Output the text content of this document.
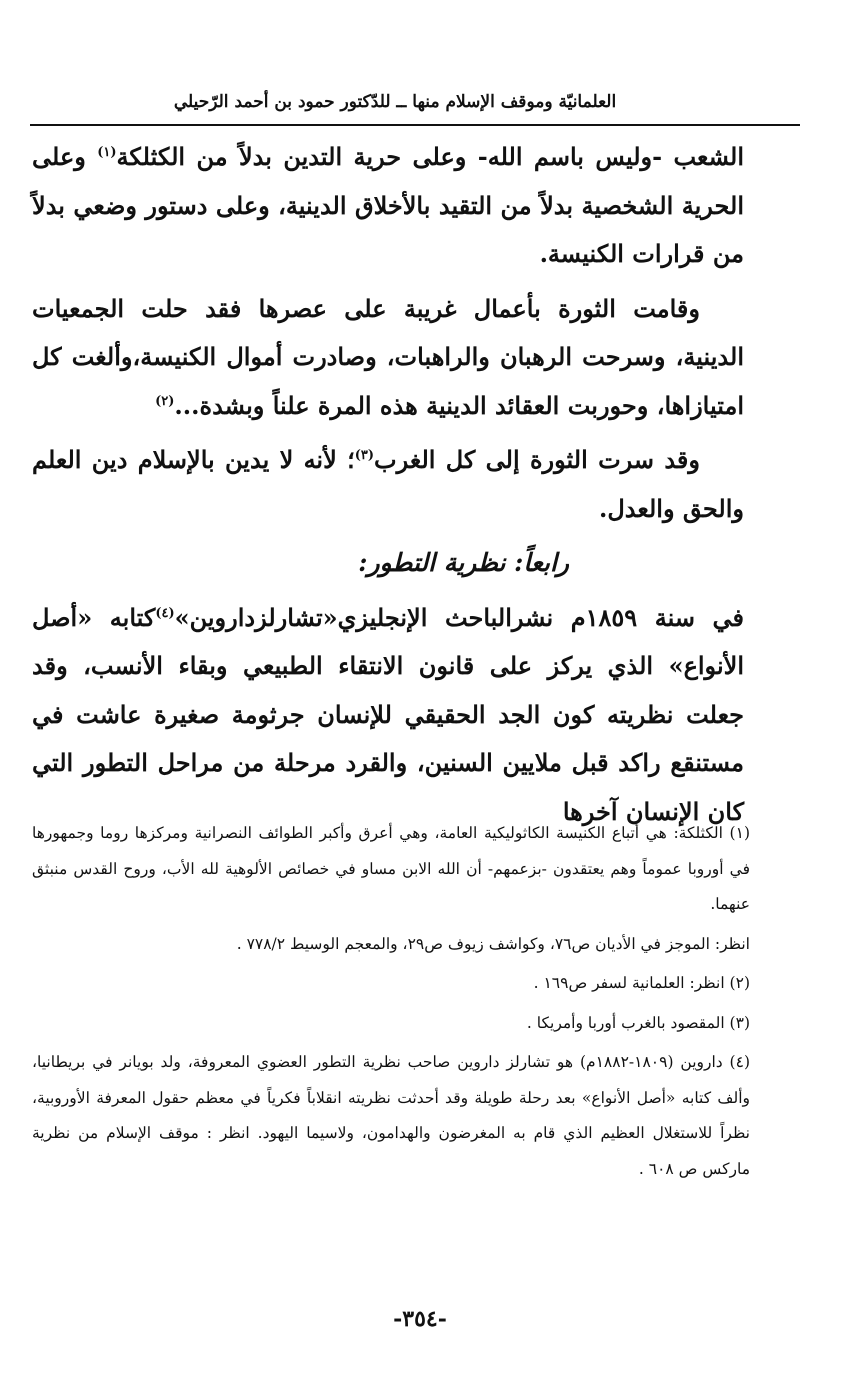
العلمانيّة وموقف الإسلام منها ــ للدّكتور حمود بن أحمد الرّحيلي

الشعب -وليس باسم الله- وعلى حرية التدين بدلاً من الكثلكة$^{(١)}$ وعلى الحرية الشخصية بدلاً من التقيد بالأخلاق الدينية، وعلى دستور وضعي بدلاً من قرارات الكنيسة.

وقامت الثورة بأعمال غريبة على عصرها فقد حلت الجمعيات الدينية، وسرحت الرهبان والراهبات، وصادرت أموال الكنيسة،وألغت كل امتيازاها، وحوربت العقائد الدينية هذه المرة علناً وبشدة...$^{(٢)}$

وقد سرت الثورة إلى كل الغرب$^{(٣)}$؛ لأنه لا يدين بالإسلام دين العلم والحق والعدل.

رابعاً: نظرية التطور:

في سنة ١٨٥٩م نشرالباحث الإنجليزي«تشارلزداروين»$^{(٤)}$كتابه «أصل الأنواع» الذي يركز على قانون الانتقاء الطبيعي وبقاء الأنسب، وقد جعلت نظريته كون الجد الحقيقي للإنسان جرثومة صغيرة عاشت في مستنقع راكد قبل ملايين السنين، والقرد مرحلة من مراحل التطور التي كان الإنسان آخرها

(١) الكثلكة: هي أتباع الكنيسة الكاثوليكية العامة، وهي أعرق وأكبر الطوائف النصرانية ومركزها روما وجمهورها في أوروبا عموماً وهم يعتقدون -بزعمهم- أن الله الابن مساو في خصائص الألوهية لله الأب، وروح القدس منبثق عنهما.

انظر: الموجز في الأديان ص٧٦، وكواشف زيوف ص٢٩، والمعجم الوسيط ٧٧٨/٢ .

(٢) انظر: العلمانية لسفر ص١٦٩ .

(٣) المقصود بالغرب أوربا وأمريكا .

(٤) داروين (١٨٠٩-١٨٨٢م) هو تشارلز داروين صاحب نظرية التطور العضوي المعروفة، ولد بويانر في بريطانيا، وألف كتابه «أصل الأنواع» بعد رحلة طويلة وقد أحدثت نظريته انقلاباً فكرياً في معظم حقول المعرفة الأوروبية، نظراً للاستغلال العظيم الذي قام به المغرضون والهدامون، ولاسيما اليهود. انظر : موقف الإسلام من نظرية ماركس ص ٦٠٨ .

-٣٥٤-
